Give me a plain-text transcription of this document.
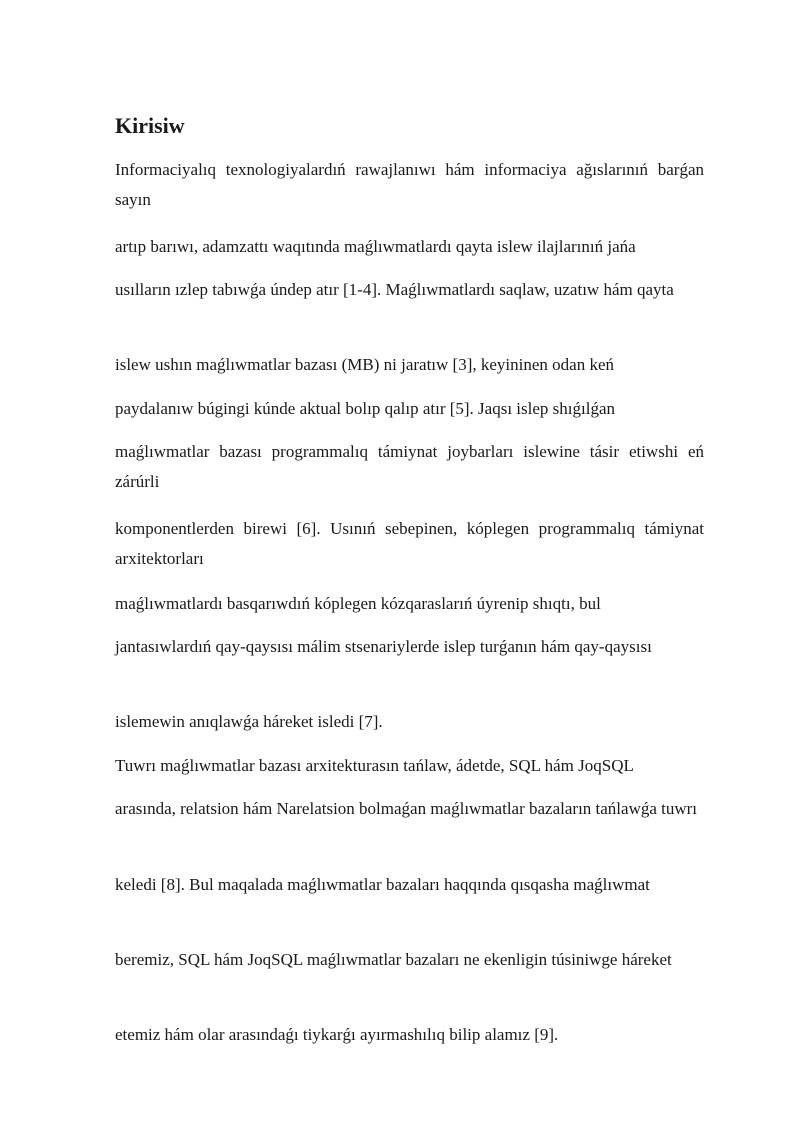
Kirisiw

Informaciyalıq texnologiyalardıń rawajlanıwı hám informaciya ağıslarınıń barǵan sayın

artıp barıwı, adamzattı waqıtında maǵlıwmatlardı qayta islew ilajlarınıń jańa

usılların ızlep tabıwǵa úndep atır [1-4]. Maǵlıwmatlardı saqlaw, uzatıw hám qayta

islew ushın maǵlıwmatlar bazası (MB) ni jaratıw [3], keyininen odan keń

paydalanıw búgingi kúnde aktual bolıp qalıp atır [5]. Jaqsı islep shıǵılǵan

maǵlıwmatlar bazası programmalıq támiynat joybarları islewine tásir etiwshi eń zárúrli

komponentlerden birewi [6]. Usınıń sebepinen, kóplegen programmalıq támiynat arxitektorları

maǵlıwmatlardı basqarıwdıń kóplegen kózqaraslarıń úyrenip shıqtı, bul

jantasıwlardıń qay-qaysısı málim stsenariylerde islep turǵanın hám qay-qaysısı

islemewin anıqlawǵa háreket isledi [7].

Tuwrı maǵlıwmatlar bazası arxitekturasın tańlaw, ádetde, SQL hám JoqSQL

arasında, relatsion hám Narelatsion bolmaǵan maǵlıwmatlar bazaların tańlawǵa tuwrı

keledi [8]. Bul maqalada maǵlıwmatlar bazaları haqqında qısqasha maǵlıwmat

beremiz, SQL hám JoqSQL maǵlıwmatlar bazaları ne ekenligin túsiniwge háreket

etemiz hám olar arasındaǵı tiykarǵı ayırmashılıq bilip alamız [9].
